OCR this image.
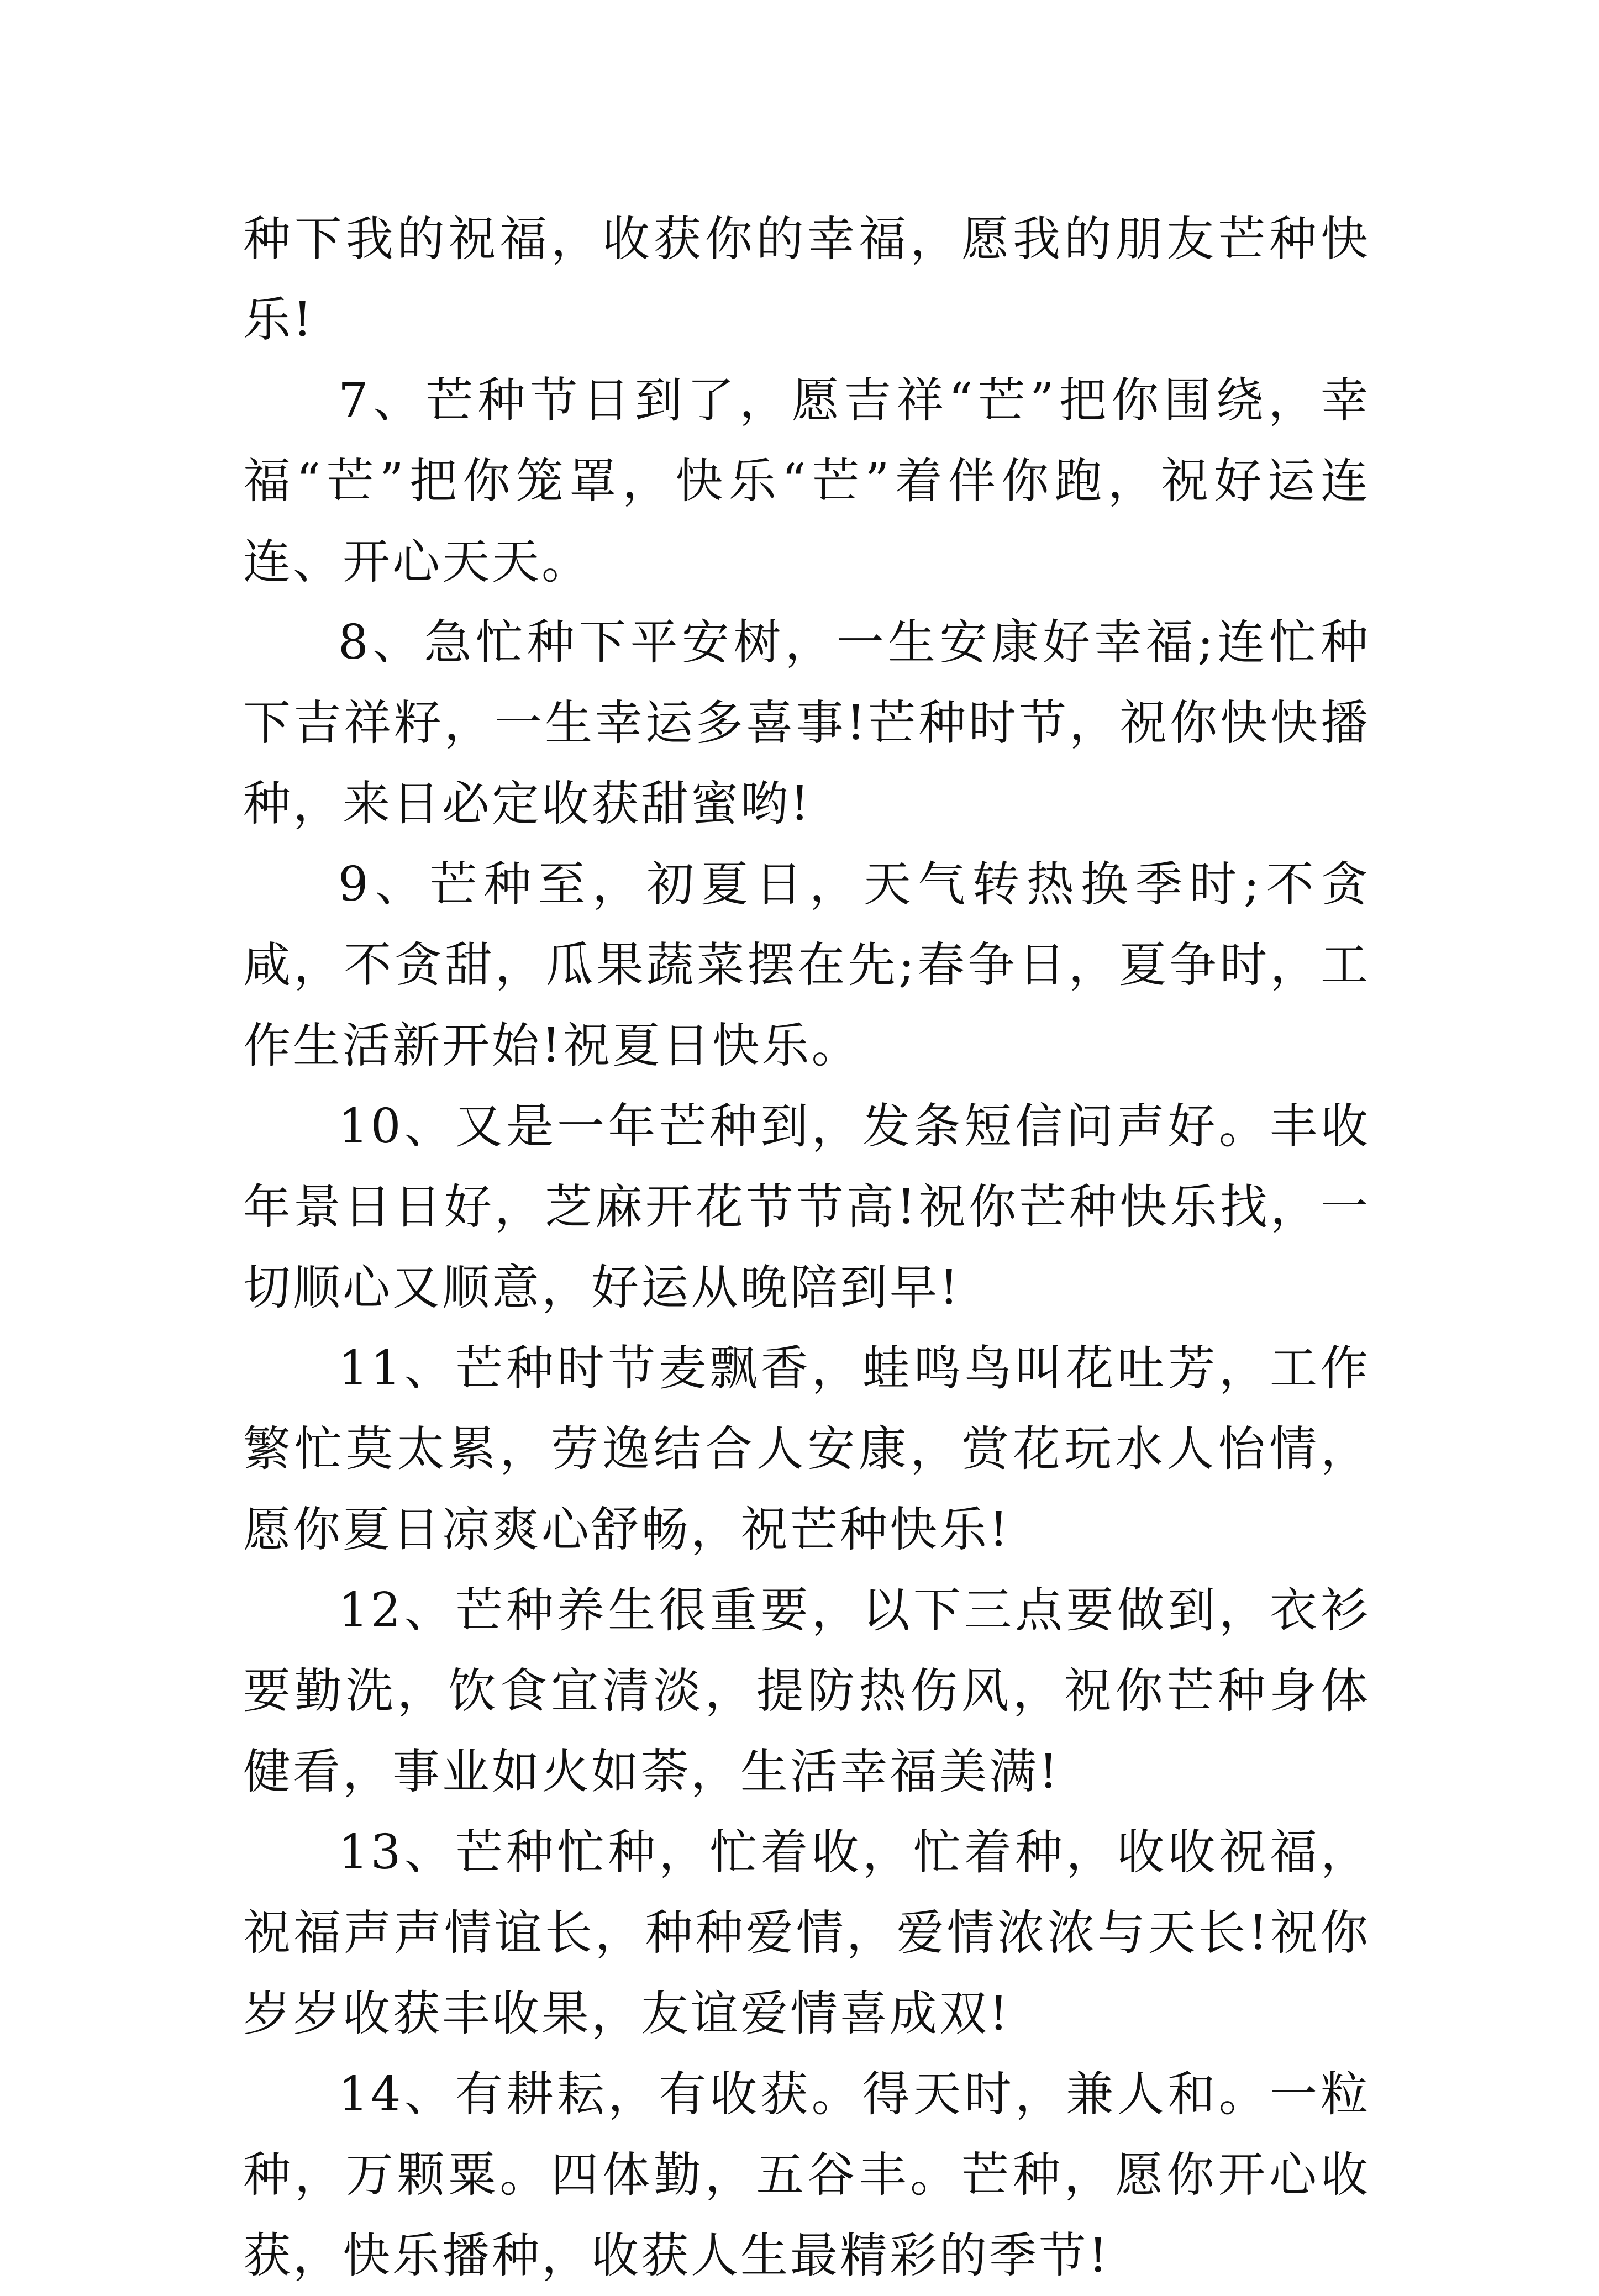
种下我的祝福，收获你的幸福，愿我的朋友芒种快乐!

7、芒种节日到了，愿吉祥“芒”把你围绕，幸福“芒”把你笼罩，快乐“芒”着伴你跑，祝好运连连、开心天天。

8、急忙种下平安树，一生安康好幸福;连忙种下吉祥籽，一生幸运多喜事!芒种时节，祝你快快播种，来日必定收获甜蜜哟!

9、芒种至，初夏日，天气转热换季时;不贪咸，不贪甜，瓜果蔬菜摆在先;春争日，夏争时，工作生活新开始!祝夏日快乐。

10、又是一年芒种到，发条短信问声好。丰收年景日日好，芝麻开花节节高!祝你芒种快乐找，一切顺心又顺意，好运从晚陪到早!

11、芒种时节麦飘香，蛙鸣鸟叫花吐芳，工作繁忙莫太累，劳逸结合人安康，赏花玩水人怡情，愿你夏日凉爽心舒畅，祝芒种快乐!

12、芒种养生很重要，以下三点要做到，衣衫要勤洗，饮食宜清淡，提防热伤风，祝你芒种身体健看，事业如火如荼，生活幸福美满!

13、芒种忙种，忙着收，忙着种，收收祝福，祝福声声情谊长，种种爱情，爱情浓浓与天长!祝你岁岁收获丰收果，友谊爱情喜成双!

14、有耕耘，有收获。得天时，兼人和。一粒种，万颗粟。四体勤，五谷丰。芒种，愿你开心收获，快乐播种，收获人生最精彩的季节!
